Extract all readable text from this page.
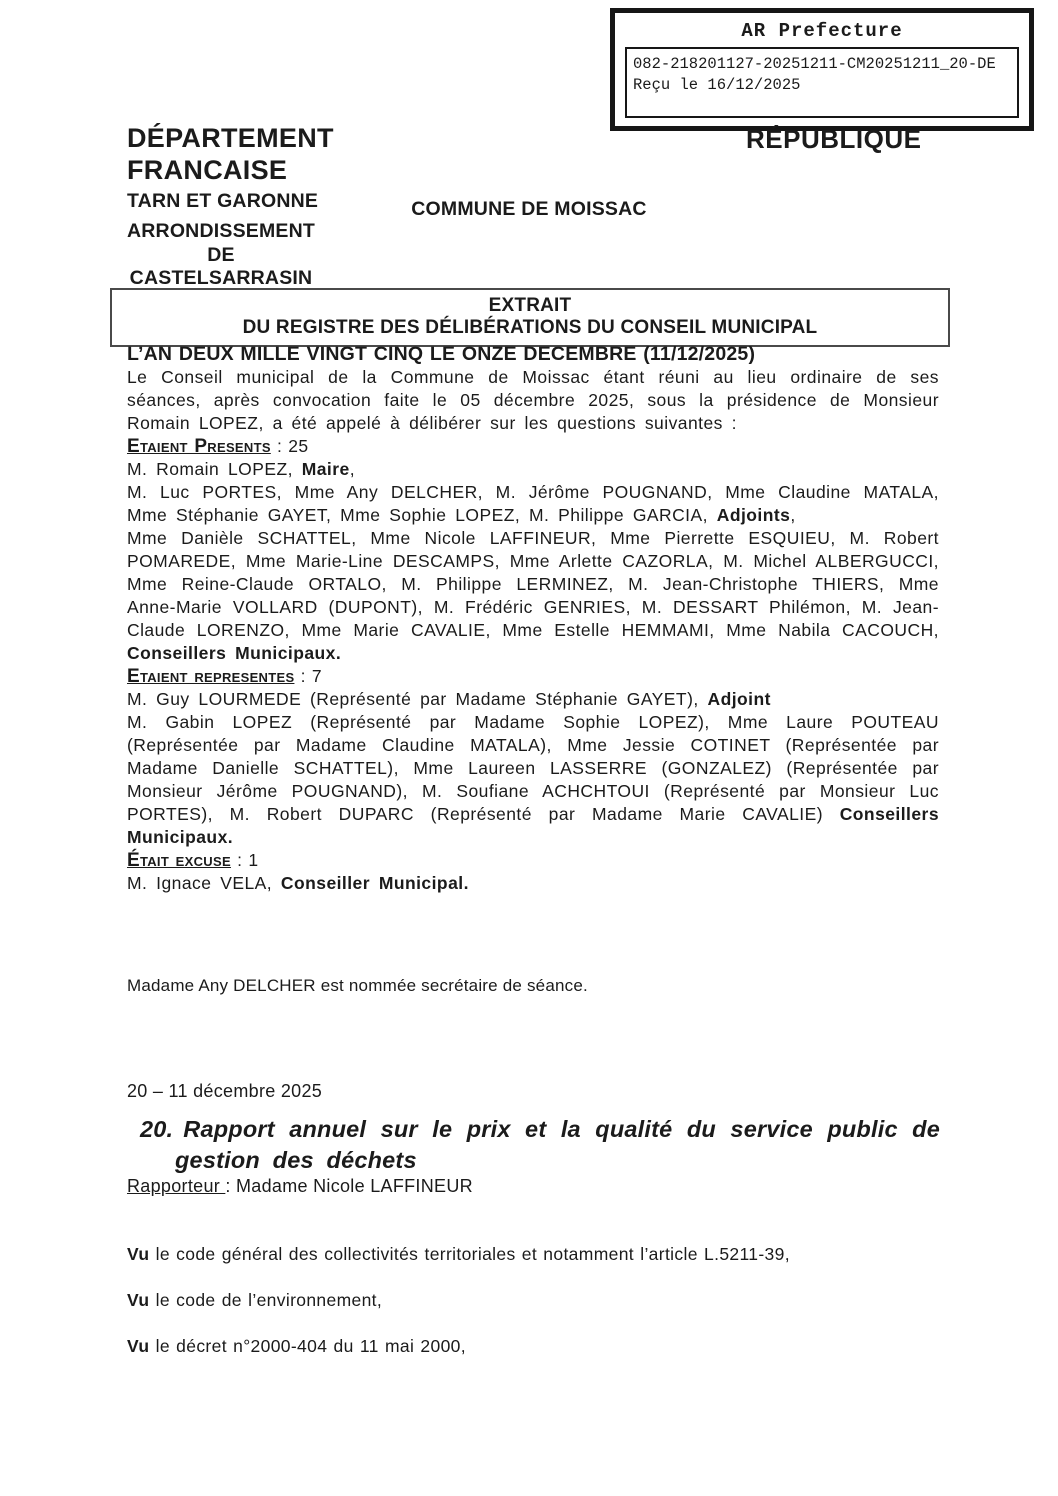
AR Prefecture
082-218201127-20251211-CM20251211_20-DE
Reçu le 16/12/2025
DÉPARTEMENT
FRANCAISE
TARN ET GARONNE
RÉPUBLIQUE
COMMUNE DE MOISSAC
ARRONDISSEMENT
DE
CASTELSARRASIN
EXTRAIT
DU REGISTRE DES DÉLIBÉRATIONS DU CONSEIL MUNICIPAL

L’AN DEUX MILLE VINGT CINQ LE ONZE DECEMBRE (11/12/2025)

Le Conseil municipal de la Commune de Moissac étant réuni au lieu ordinaire de ses séances, après convocation faite le 05 décembre 2025, sous la présidence de Monsieur Romain LOPEZ, a été appelé à délibérer sur les questions suivantes :

Etaient Presents : 25

M. Romain LOPEZ, Maire,

M. Luc PORTES, Mme Any DELCHER, M. Jérôme POUGNAND, Mme Claudine MATALA, Mme Stéphanie GAYET, Mme Sophie LOPEZ, M. Philippe GARCIA, Adjoints,

Mme Danièle SCHATTEL, Mme Nicole LAFFINEUR, Mme Pierrette ESQUIEU, M. Robert POMAREDE, Mme Marie-Line DESCAMPS, Mme Arlette CAZORLA, M. Michel ALBERGUCCI, Mme Reine-Claude ORTALO, M. Philippe LERMINEZ, M. Jean-Christophe THIERS, Mme Anne-Marie VOLLARD (DUPONT), M. Frédéric GENRIES, M. DESSART Philémon, M. Jean-Claude LORENZO, Mme Marie CAVALIE, Mme Estelle HEMMAMI, Mme Nabila CACOUCH, Conseillers Municipaux.

Etaient representes : 7

M. Guy LOURMEDE (Représenté par Madame Stéphanie GAYET), Adjoint

M. Gabin LOPEZ (Représenté par Madame Sophie LOPEZ), Mme Laure POUTEAU (Représentée par Madame Claudine MATALA), Mme Jessie COTINET (Représentée par Madame Danielle SCHATTEL), Mme Laureen LASSERRE (GONZALEZ) (Représentée par Monsieur Jérôme POUGNAND), M. Soufiane ACHCHTOUI (Représenté par Monsieur Luc PORTES), M. Robert DUPARC (Représenté par Madame Marie CAVALIE) Conseillers Municipaux.

Était excuse : 1

M. Ignace VELA, Conseiller Municipal.

Madame Any DELCHER est nommée secrétaire de séance.
20 – 11 décembre 2025
20. Rapport annuel sur le prix et la qualité du service public de gestion des déchets
Rapporteur : Madame Nicole LAFFINEUR
Vu le code général des collectivités territoriales et notamment l’article L.5211-39,
Vu le code de l’environnement,
Vu le décret n°2000-404 du 11 mai 2000,
